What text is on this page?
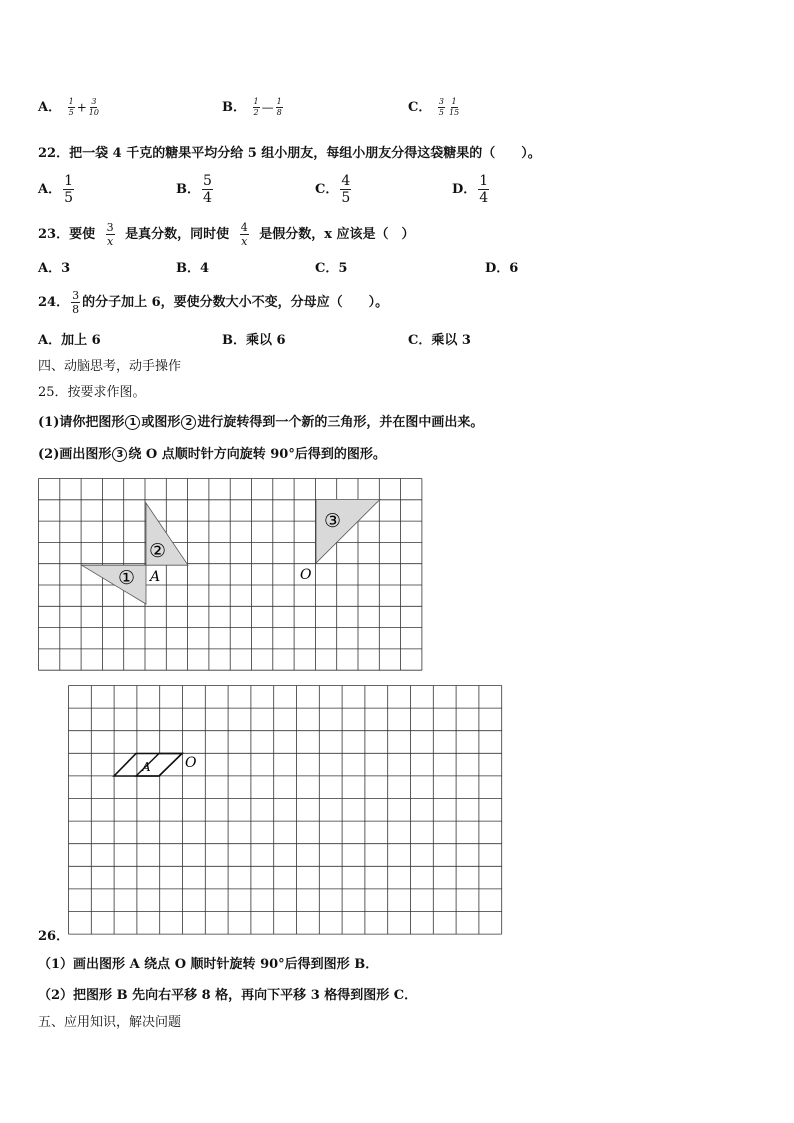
A． $\frac{1}{5} + \frac{3}{10}$	B． $\frac{1}{2}$ — $\frac{1}{8}$	C． $\frac{3}{5} \frac{1}{15}$
22．把一袋 4 千克的糖果平均分给 5 组小朋友，每组小朋友分得这袋糖果的（　　）。
A． $\frac{1}{5}$	B． $\frac{5}{4}$	C． $\frac{4}{5}$	D． $\frac{1}{4}$
23．要使 $\frac{3}{x}$ 是真分数，同时使 $\frac{4}{x}$ 是假分数，x 应该是（　）
A．3	B．4	C．5	D．6
24． $\frac{3}{8}$ 的分子加上 6，要使分数大小不变，分母应（　　）。
A．加上 6	B．乘以 6	C．乘以 3
四、动脑思考，动手操作
25．按要求作图。
(1)请你把图形 1 或图形 2 进行旋转得到一个新的三角形，并在图中画出来。
(2)画出图形 3 绕 O 点顺时针方向旋转 90°后得到的图形。
①
②
③
A	O
26．
A O
（1）画出图形 A 绕点 O 顺时针旋转 90°后得到图形 B．
（2）把图形 B 先向右平移 8 格，再向下平移 3 格得到图形 C．
五、应用知识，解决问题
